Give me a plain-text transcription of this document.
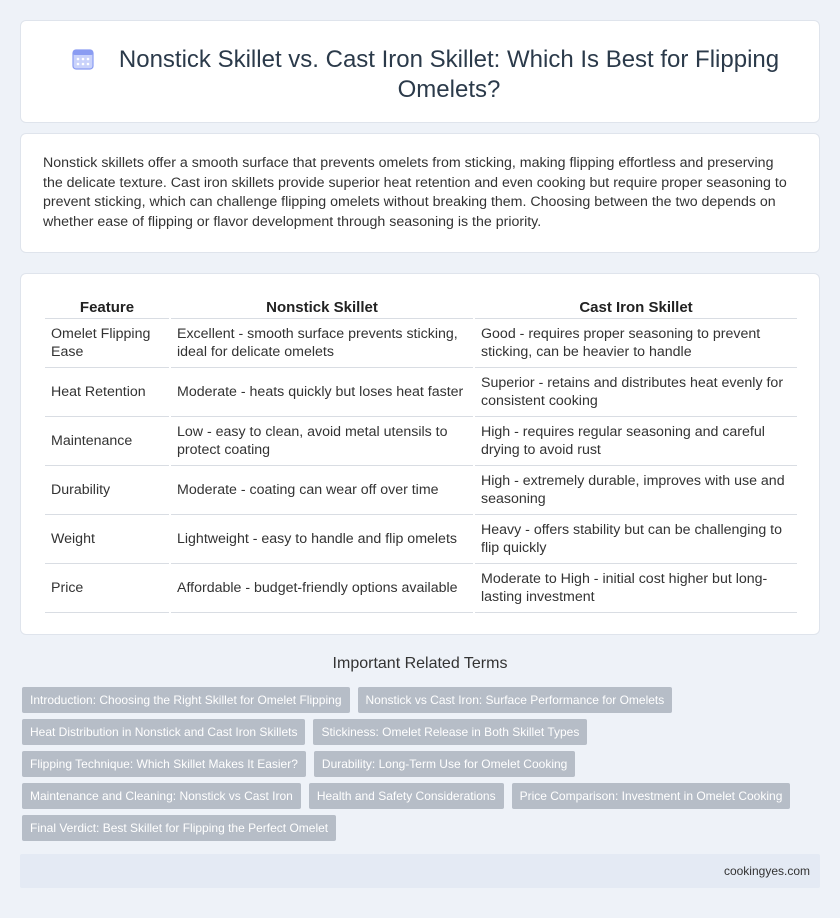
Nonstick Skillet vs. Cast Iron Skillet: Which Is Best for Flipping Omelets?

Nonstick skillets offer a smooth surface that prevents omelets from sticking, making flipping effortless and preserving the delicate texture. Cast iron skillets provide superior heat retention and even cooking but require proper seasoning to prevent sticking, which can challenge flipping omelets without breaking them. Choosing between the two depends on whether ease of flipping or flavor development through seasoning is the priority.

Feature	Nonstick Skillet	Cast Iron Skillet
Omelet Flipping Ease	Excellent - smooth surface prevents sticking, ideal for delicate omelets	Good - requires proper seasoning to prevent sticking, can be heavier to handle
Heat Retention	Moderate - heats quickly but loses heat faster	Superior - retains and distributes heat evenly for consistent cooking
Maintenance	Low - easy to clean, avoid metal utensils to protect coating	High - requires regular seasoning and careful drying to avoid rust
Durability	Moderate - coating can wear off over time	High - extremely durable, improves with use and seasoning
Weight	Lightweight - easy to handle and flip omelets	Heavy - offers stability but can be challenging to flip quickly
Price	Affordable - budget-friendly options available	Moderate to High - initial cost higher but long-lasting investment
Important Related Terms
Introduction: Choosing the Right Skillet for Omelet Flipping	Nonstick vs Cast Iron: Surface Performance for Omelets
Heat Distribution in Nonstick and Cast Iron Skillets	Stickiness: Omelet Release in Both Skillet Types
Flipping Technique: Which Skillet Makes It Easier?	Durability: Long-Term Use for Omelet Cooking
Maintenance and Cleaning: Nonstick vs Cast Iron	Health and Safety Considerations	Price Comparison: Investment in Omelet Cooking
Final Verdict: Best Skillet for Flipping the Perfect Omelet
cookingyes.com
